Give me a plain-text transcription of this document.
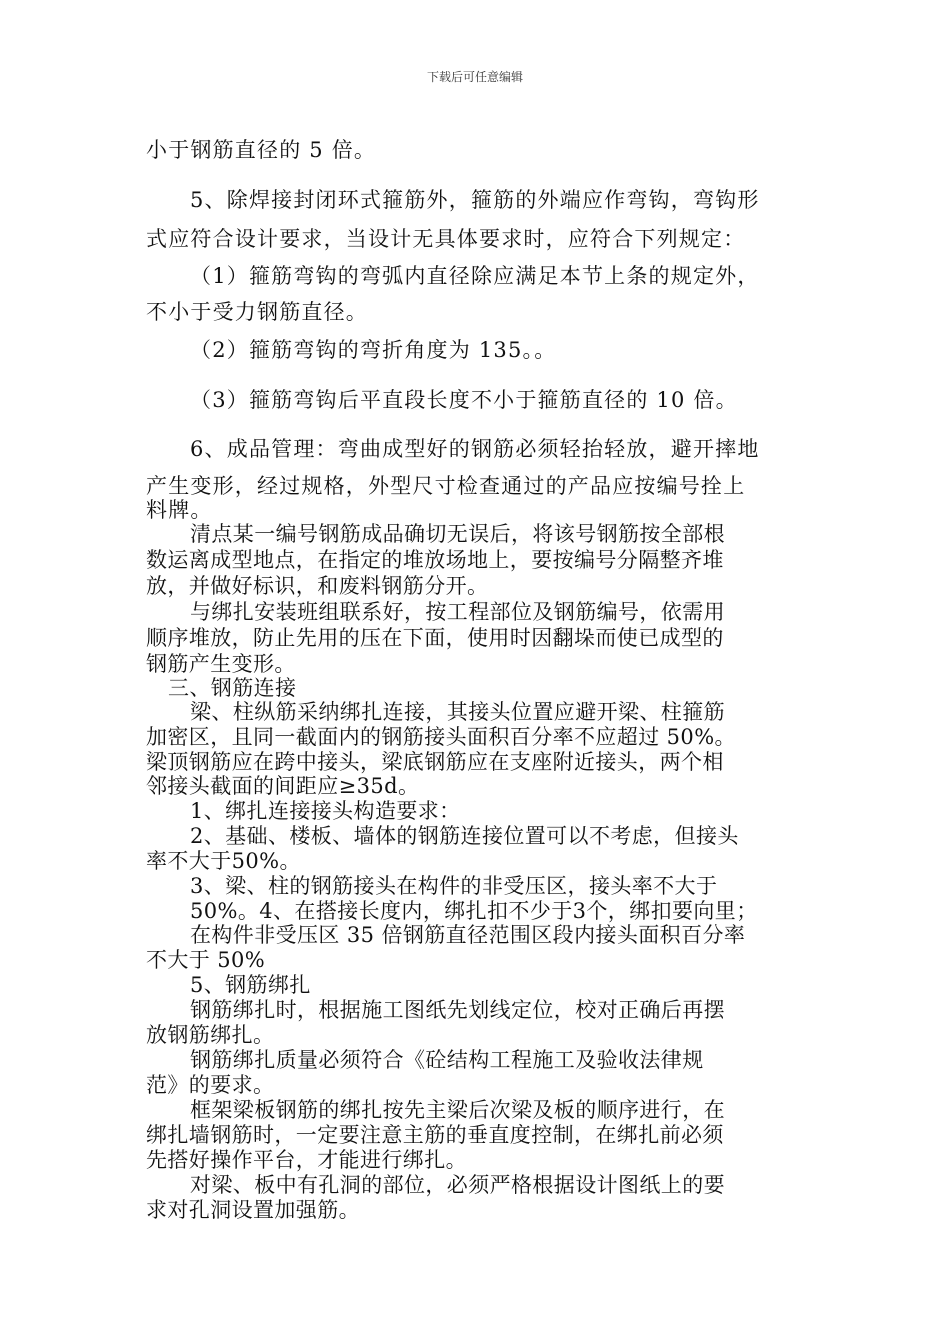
下载后可任意编辑
小于钢筋直径的 5 倍。
5、除焊接封闭环式箍筋外，箍筋的外端应作弯钩，弯钩形
式应符合设计要求，当设计无具体要求时，应符合下列规定：
（1）箍筋弯钩的弯弧内直径除应满足本节上条的规定外，
不小于受力钢筋直径。
（2）箍筋弯钩的弯折角度为 135。。
（3）箍筋弯钩后平直段长度不小于箍筋直径的 10 倍。
6、成品管理：弯曲成型好的钢筋必须轻抬轻放，避开摔地
产生变形，经过规格，外型尺寸检查通过的产品应按编号拴上
料牌。
清点某一编号钢筋成品确切无误后，将该号钢筋按全部根
数运离成型地点，在指定的堆放场地上，要按编号分隔整齐堆
放，并做好标识，和废料钢筋分开。
与绑扎安装班组联系好，按工程部位及钢筋编号，依需用
顺序堆放，防止先用的压在下面，使用时因翻垛而使已成型的
钢筋产生变形。
三、钢筋连接
梁、柱纵筋采纳绑扎连接，其接头位置应避开梁、柱箍筋
加密区，且同一截面内的钢筋接头面积百分率不应超过 50%。
梁顶钢筋应在跨中接头，梁底钢筋应在支座附近接头，两个相
邻接头截面的间距应≥35d。
1、绑扎连接接头构造要求：
2、基础、楼板、墙体的钢筋连接位置可以不考虑，但接头
率不大于50%。
3、梁、柱的钢筋接头在构件的非受压区，接头率不大于
50%。4、在搭接长度内，绑扎扣不少于3个，绑扣要向里；
在构件非受压区 35 倍钢筋直径范围区段内接头面积百分率
不大于 50%
5、钢筋绑扎
钢筋绑扎时，根据施工图纸先划线定位，校对正确后再摆
放钢筋绑扎。
钢筋绑扎质量必须符合《砼结构工程施工及验收法律规
范》的要求。
框架梁板钢筋的绑扎按先主梁后次梁及板的顺序进行，在
绑扎墙钢筋时，一定要注意主筋的垂直度控制，在绑扎前必须
先搭好操作平台，才能进行绑扎。
对梁、板中有孔洞的部位，必须严格根据设计图纸上的要
求对孔洞设置加强筋。
